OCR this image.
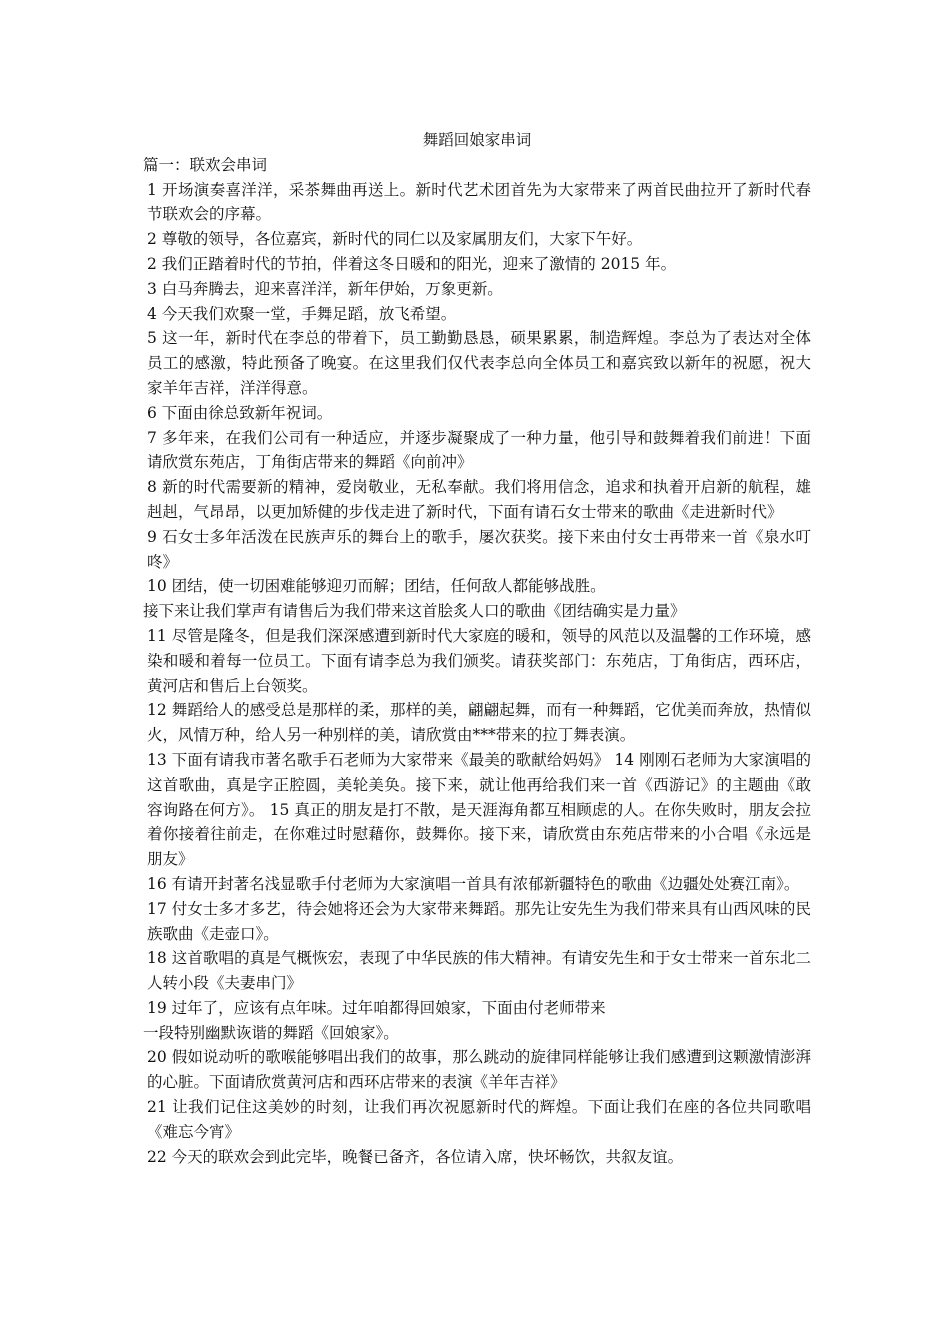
舞蹈回娘家串词

篇一：联欢会串词

1 开场演奏喜洋洋，采茶舞曲再送上。新时代艺术团首先为大家带来了两首民曲拉开了新时代春节联欢会的序幕。

2 尊敬的领导，各位嘉宾，新时代的同仁以及家属朋友们，大家下午好。

2 我们正踏着时代的节拍，伴着这冬日暖和的阳光，迎来了激情的 2015 年。

3 白马奔腾去，迎来喜洋洋，新年伊始，万象更新。

4 今天我们欢聚一堂，手舞足蹈，放飞希望。

5 这一年，新时代在李总的带着下，员工勤勤恳恳，硕果累累，制造辉煌。李总为了表达对全体员工的感激，特此预备了晚宴。在这里我们仅代表李总向全体员工和嘉宾致以新年的祝愿，祝大家羊年吉祥，洋洋得意。

6 下面由徐总致新年祝词。

7 多年来，在我们公司有一种适应，并逐步凝聚成了一种力量，他引导和鼓舞着我们前进！下面请欣赏东苑店，丁角街店带来的舞蹈《向前冲》

8 新的时代需要新的精神，爱岗敬业，无私奉献。我们将用信念，追求和执着开启新的航程，雄赳赳，气昂昂，以更加矫健的步伐走进了新时代，下面有请石女士带来的歌曲《走进新时代》

9 石女士多年活泼在民族声乐的舞台上的歌手，屡次获奖。接下来由付女士再带来一首《泉水叮咚》

10 团结，使一切困难能够迎刃而解；团结，任何敌人都能够战胜。

接下来让我们掌声有请售后为我们带来这首脍炙人口的歌曲《团结确实是力量》

11 尽管是隆冬，但是我们深深感遭到新时代大家庭的暖和，领导的风范以及温馨的工作环境，感染和暖和着每一位员工。下面有请李总为我们颁奖。请获奖部门：东苑店，丁角街店，西环店，黄河店和售后上台领奖。

12 舞蹈给人的感受总是那样的柔，那样的美，翩翩起舞，而有一种舞蹈，它优美而奔放，热情似火，风情万种，给人另一种别样的美，请欣赏由***带来的拉丁舞表演。

13 下面有请我市著名歌手石老师为大家带来《最美的歌献给妈妈》 14 刚刚石老师为大家演唱的这首歌曲，真是字正腔圆，美轮美奂。接下来，就让他再给我们来一首《西游记》的主题曲《敢容询路在何方》。 15 真正的朋友是打不散，是天涯海角都互相顾虑的人。在你失败时，朋友会拉着你接着往前走，在你难过时慰藉你，鼓舞你。接下来，请欣赏由东苑店带来的小合唱《永远是朋友》

16 有请开封著名浅显歌手付老师为大家演唱一首具有浓郁新疆特色的歌曲《边疆处处赛江南》。

17 付女士多才多艺，待会她将还会为大家带来舞蹈。那先让安先生为我们带来具有山西风味的民族歌曲《走壶口》。

18 这首歌唱的真是气概恢宏，表现了中华民族的伟大精神。有请安先生和于女士带来一首东北二人转小段《夫妻串门》

19 过年了，应该有点年味。过年咱都得回娘家，下面由付老师带来

一段特别幽默诙谐的舞蹈《回娘家》。

20 假如说动听的歌喉能够唱出我们的故事，那么跳动的旋律同样能够让我们感遭到这颗激情澎湃的心脏。下面请欣赏黄河店和西环店带来的表演《羊年吉祥》

21 让我们记住这美妙的时刻，让我们再次祝愿新时代的辉煌。下面让我们在座的各位共同歌唱《难忘今宵》

22 今天的联欢会到此完毕，晚餐已备齐，各位请入席，快坏畅饮，共叙友谊。
